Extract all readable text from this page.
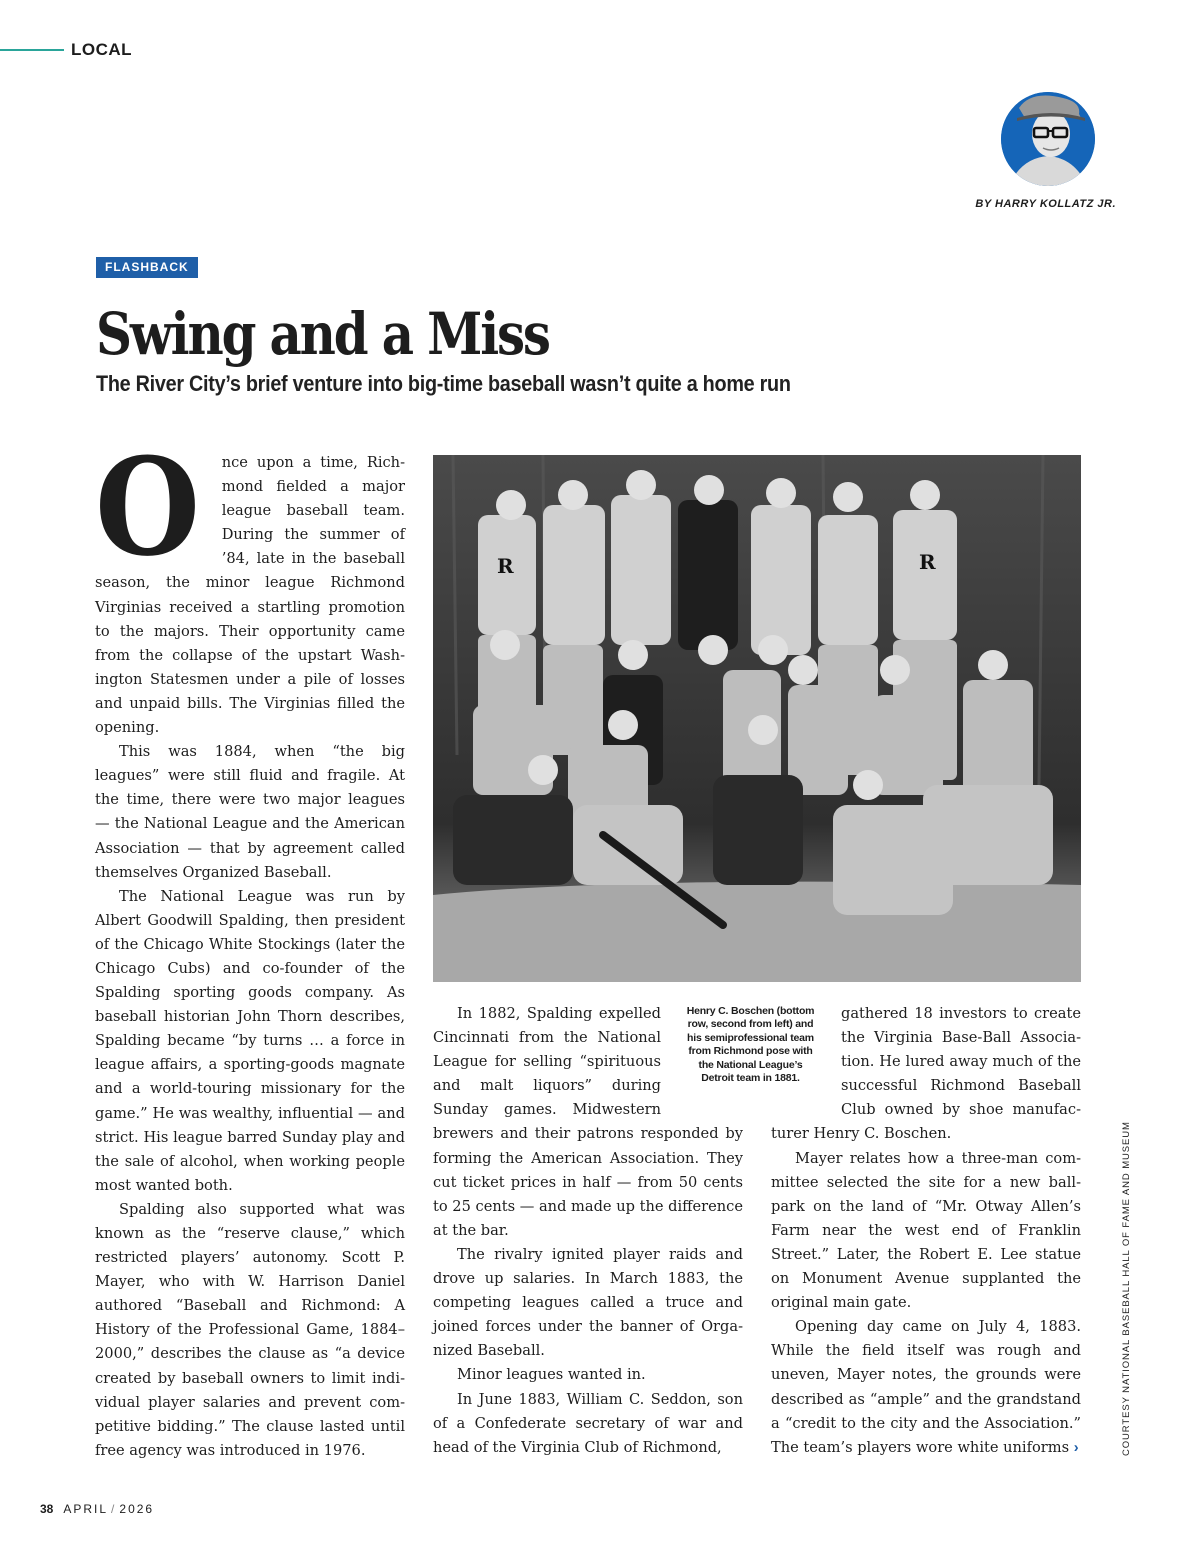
LOCAL
BY HARRY KOLLATZ JR.
FLASHBACK
Swing and a Miss
The River City’s brief venture into big-time baseball wasn’t quite a home run
R	R
Henry C. Boschen (bottom row, second from left) and his semiprofessional team from Richmond pose with the National League’s Detroit team in 1881.
COURTESY NATIONAL BASEBALL HALL OF FAME AND MUSEUM

O nce upon a time, Richmond fielded a major league baseball team. During the summer of ’84, late in the baseball season, the minor league Richmond Virginias received a startling promotion to the majors. Their opportunity came from the collapse of the upstart Washington Statesmen under a pile of losses and unpaid bills. The Virginias filled the opening.

This was 1884, when “the big leagues” were still fluid and fragile. At the time, there were two major leagues — the National League and the American Association — that by agreement called themselves Organized Baseball.

The National League was run by Albert Goodwill Spalding, then president of the Chicago White Stockings (later the Chicago Cubs) and co-founder of the Spalding sporting goods company. As baseball historian John Thorn describes, Spalding became “by turns … a force in league affairs, a sporting-goods magnate and a world-touring missionary for the game.” He was wealthy, influential — and strict. His league barred Sunday play and the sale of alcohol, when working people most wanted both.

Spalding also supported what was known as the “reserve clause,” which restricted players’ autonomy. Scott P. Mayer, who with W. Harrison Daniel authored “Baseball and Richmond: A History of the Professional Game, 1884–2000,” describes the clause as “a device created by baseball owners to limit individual player salaries and prevent competitive bidding.” The clause lasted until free agency was introduced in 1976.

In 1882, Spalding expelled Cincinnati from the National League for selling “spirituous and malt liquors” during Sunday games. Midwestern brewers and their patrons responded by forming the American Association. They cut ticket prices in half — from 50 cents to 25 cents — and made up the difference at the bar.

The rivalry ignited player raids and drove up salaries. In March 1883, the competing leagues called a truce and joined forces under the banner of Organized Baseball.

Minor leagues wanted in.

In June 1883, William C. Seddon, son of a Confederate secretary of war and head of the Virginia Club of Richmond,

gathered 18 investors to create the Virginia Base-Ball Association. He lured away much of the successful Richmond Baseball Club owned by shoe manufacturer Henry C. Boschen.

Mayer relates how a three-man committee selected the site for a new ballpark on the land of “Mr. Otway Allen’s Farm near the west end of Franklin Street.” Later, the Robert E. Lee statue on Monument Avenue supplanted the original main gate.

Opening day came on July 4, 1883. While the field itself was rough and uneven, Mayer notes, the grounds were described as “ample” and the grandstand a “credit to the city and the Association.” The team’s players wore white uniforms ›

38 APRIL / 2026
